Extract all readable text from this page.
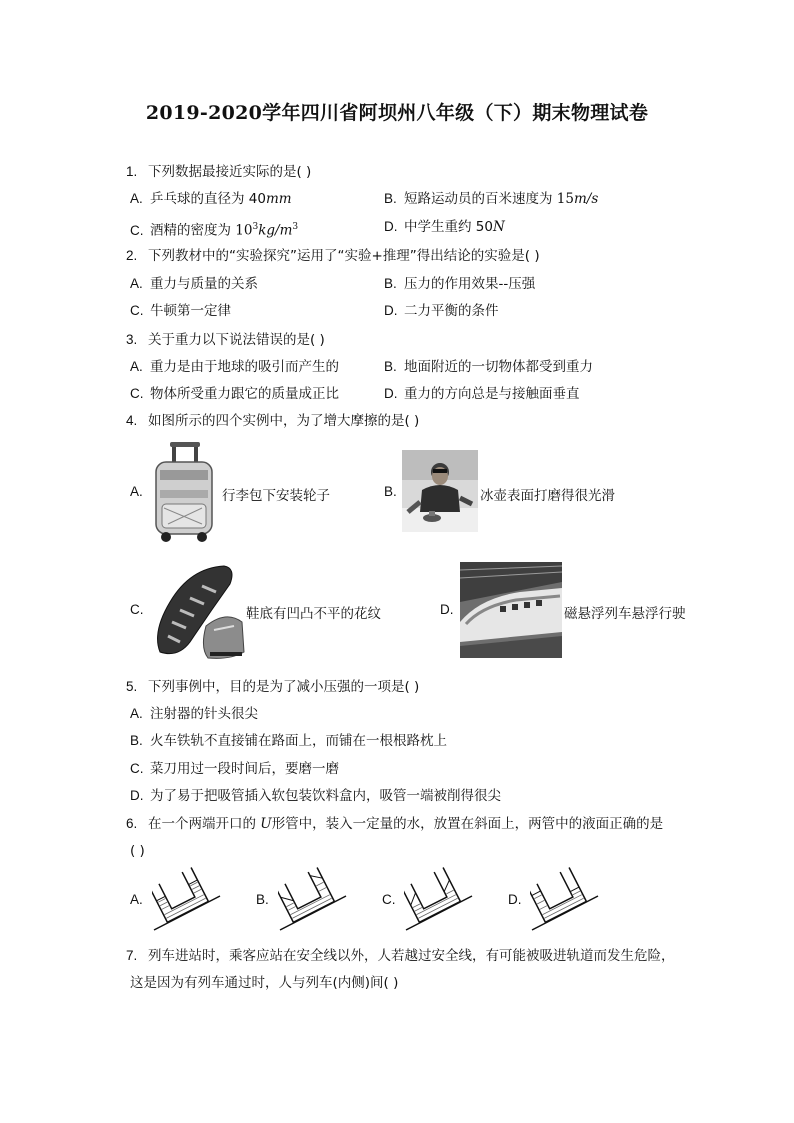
2019-2020学年四川省阿坝州八年级（下）期末物理试卷
1. 下列数据最接近实际的是( )
A. 乒乓球的直径为 40mm	B. 短路运动员的百米速度为 15m/s
C. 酒精的密度为 $10^3kg/m^3$	D. 中学生重约 50N
2. 下列教材中的“实验探究”运用了“实验+推理”得出结论的实验是( )
A. 重力与质量的关系	B. 压力的作用效果--压强
C. 牛顿第一定律	D. 二力平衡的条件
3. 关于重力以下说法错误的是( )
A. 重力是由于地球的吸引而产生的	B. 地面附近的一切物体都受到重力
C. 物体所受重力跟它的质量成正比	D. 重力的方向总是与接触面垂直
4. 如图所示的四个实例中，为了增大摩擦的是( )
A.	行李包下安装轮子	B.	冰壶表面打磨得很光滑
C.	鞋底有凹凸不平的花纹	D.	磁悬浮列车悬浮行驶
5. 下列事例中，目的是为了减小压强的一项是( )
A. 注射器的针头很尖
B. 火车铁轨不直接铺在路面上，而铺在一根根路枕上
C. 菜刀用过一段时间后，要磨一磨
D. 为了易于把吸管插入软包装饮料盒内，吸管一端被削得很尖
6. 在一个两端开口的 U形管中，装入一定量的水，放置在斜面上，两管中的液面正确的是
( )
A.	B.	C.	D.
7. 列车进站时，乘客应站在安全线以外，人若越过安全线，有可能被吸进轨道而发生危险，
这是因为有列车通过时，人与列车(内侧)间( )
